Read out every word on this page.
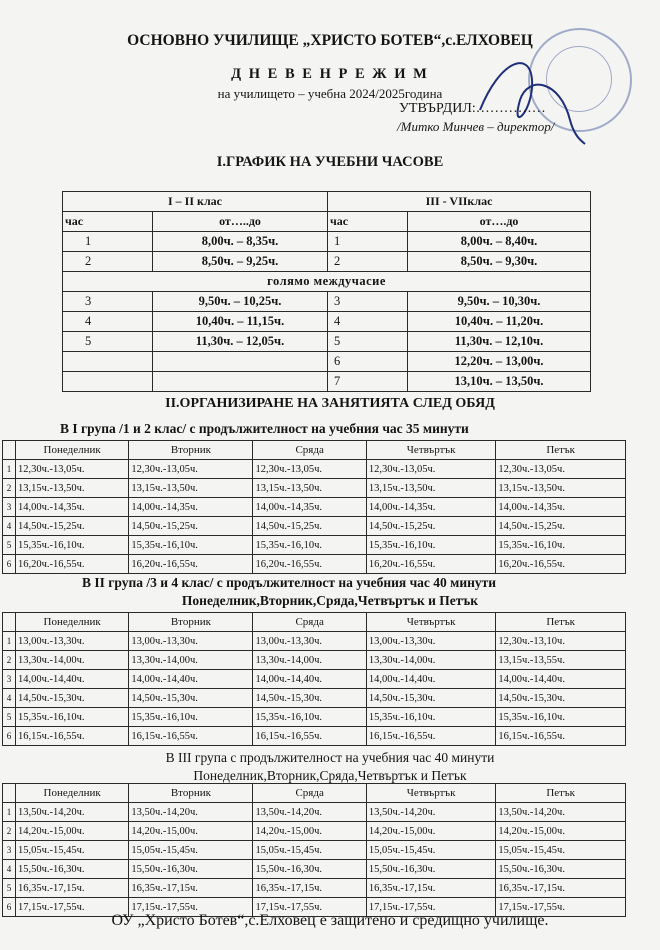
ОСНОВНО УЧИЛИЩЕ „ХРИСТО БОТЕВ“,с.ЕЛХОВЕЦ
Д Н Е В Е Н Р Е Ж И М
на училището – учебна 2024/2025година
УТВЪРДИЛ:……………
/Митко Минчев – директор/
I.ГРАФИК НА УЧЕБНИ ЧАСОВЕ
I – II клас		III - VIIклас	
час	от…..до	час	от….до
1	8,00ч. – 8,35ч.	1	8,00ч. – 8,40ч.
2	8,50ч. – 9,25ч.	2	8,50ч. – 9,30ч.
голямо междучасие			
3	9,50ч. – 10,25ч.	3	9,50ч. – 10,30ч.
4	10,40ч. – 11,15ч.	4	10,40ч. – 11,20ч.
5	11,30ч. – 12,05ч.	5	11,30ч. – 12,10ч.
		6	12,20ч. – 13,00ч.
		7	13,10ч. – 13,50ч.
II.ОРГАНИЗИРАНЕ НА ЗАНЯТИЯТА СЛЕД ОБЯД
В I група /1 и 2 клас/ с продължителност на учебния час 35 минути
	Понеделник	Вторник	Сряда	Четвъртък	Петък
1	12,30ч.-13,05ч.	12,30ч.-13,05ч.	12,30ч.-13,05ч.	12,30ч.-13,05ч.	12,30ч.-13,05ч.
2	13,15ч.-13,50ч.	13,15ч.-13,50ч.	13,15ч.-13,50ч.	13,15ч.-13,50ч.	13,15ч.-13,50ч.
3	14,00ч.-14,35ч.	14,00ч.-14,35ч.	14,00ч.-14,35ч.	14,00ч.-14,35ч.	14,00ч.-14,35ч.
4	14,50ч.-15,25ч.	14,50ч.-15,25ч.	14,50ч.-15,25ч.	14,50ч.-15,25ч.	14,50ч.-15,25ч.
5	15,35ч.-16,10ч.	15,35ч.-16,10ч.	15,35ч.-16,10ч.	15,35ч.-16,10ч.	15,35ч.-16,10ч.
6	16,20ч.-16,55ч.	16,20ч.-16,55ч.	16,20ч.-16,55ч.	16,20ч.-16,55ч.	16,20ч.-16,55ч.
В II група /3 и 4 клас/ с продължителност на учебния час 40 минути
Понеделник,Вторник,Сряда,Четвъртък и Петък
	Понеделник	Вторник	Сряда	Четвъртък	Петък
1	13,00ч.-13,30ч.	13,00ч.-13,30ч.	13,00ч.-13,30ч.	13,00ч.-13,30ч.	12,30ч.-13,10ч.
2	13,30ч.-14,00ч.	13,30ч.-14,00ч.	13,30ч.-14,00ч.	13,30ч.-14,00ч.	13,15ч.-13,55ч.
3	14,00ч.-14,40ч.	14,00ч.-14,40ч.	14,00ч.-14,40ч.	14,00ч.-14,40ч.	14,00ч.-14,40ч.
4	14,50ч.-15,30ч.	14,50ч.-15,30ч.	14,50ч.-15,30ч.	14,50ч.-15,30ч.	14,50ч.-15,30ч.
5	15,35ч.-16,10ч.	15,35ч.-16,10ч.	15,35ч.-16,10ч.	15,35ч.-16,10ч.	15,35ч.-16,10ч.
6	16,15ч.-16,55ч.	16,15ч.-16,55ч.	16,15ч.-16,55ч.	16,15ч.-16,55ч.	16,15ч.-16,55ч.
В III група с продължителност на учебния час 40 минути
Понеделник,Вторник,Сряда,Четвъртък и Петък
	Понеделник	Вторник	Сряда	Четвъртък	Петък
1	13,50ч.-14,20ч.	13,50ч.-14,20ч.	13,50ч.-14,20ч.	13,50ч.-14,20ч.	13,50ч.-14,20ч.
2	14,20ч.-15,00ч.	14,20ч.-15,00ч.	14,20ч.-15,00ч.	14,20ч.-15,00ч.	14,20ч.-15,00ч.
3	15,05ч.-15,45ч.	15,05ч.-15,45ч.	15,05ч.-15,45ч.	15,05ч.-15,45ч.	15,05ч.-15,45ч.
4	15,50ч.-16,30ч.	15,50ч.-16,30ч.	15,50ч.-16,30ч.	15,50ч.-16,30ч.	15,50ч.-16,30ч.
5	16,35ч.-17,15ч.	16,35ч.-17,15ч.	16,35ч.-17,15ч.	16,35ч.-17,15ч.	16,35ч.-17,15ч.
6	17,15ч.-17,55ч.	17,15ч.-17,55ч.	17,15ч.-17,55ч.	17,15ч.-17,55ч.	17,15ч.-17,55ч.
ОУ „Христо Ботев“,с.Елховец е защитено и средищно училище.
